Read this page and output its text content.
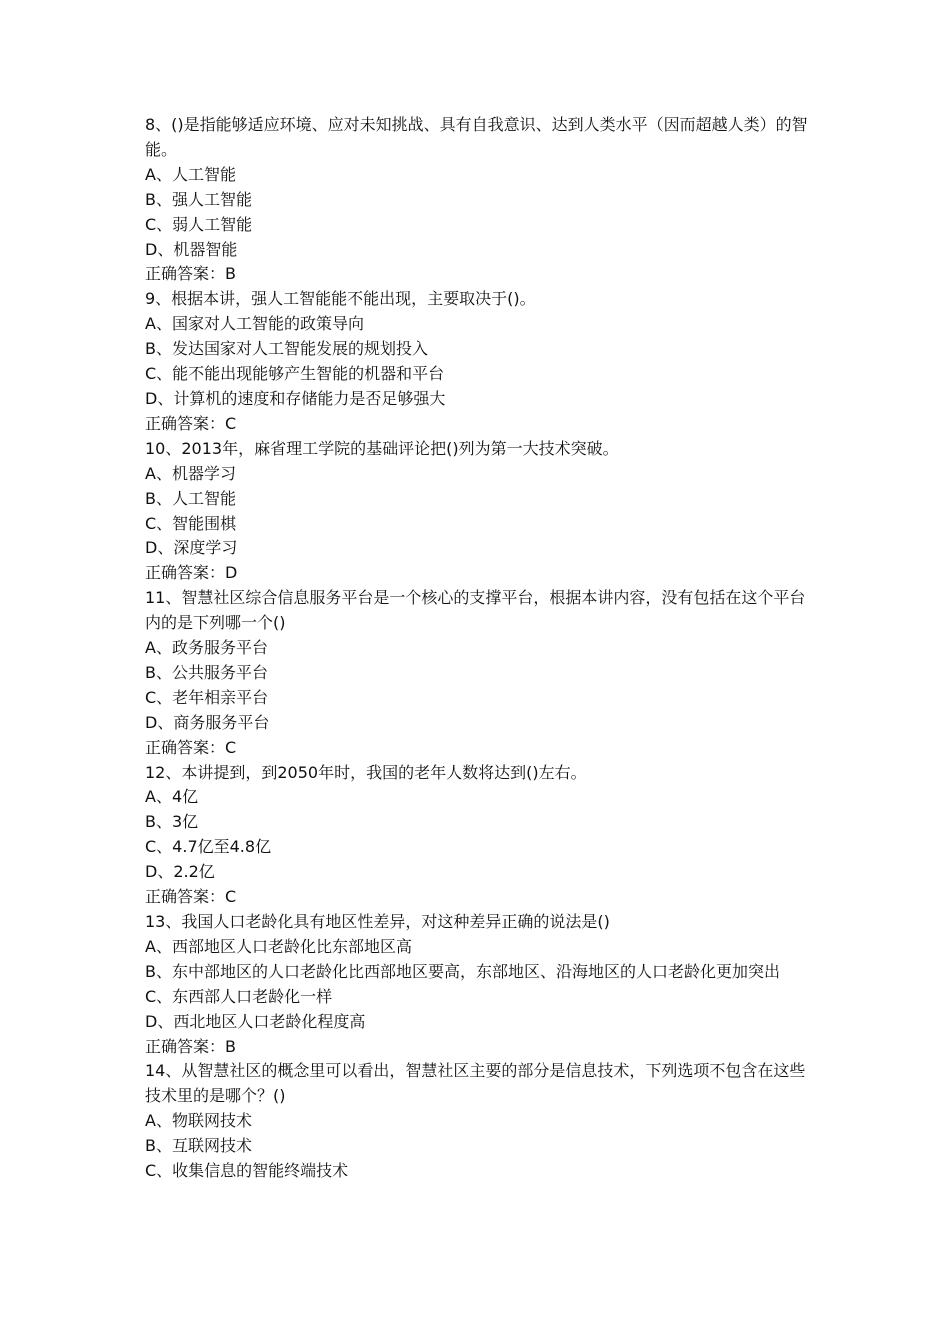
8、()是指能够适应环境、应对未知挑战、具有自我意识、达到人类水平（因而超越人类）的智能。

A、人工智能

B、强人工智能

C、弱人工智能

D、机器智能

正确答案：B

9、根据本讲，强人工智能能不能出现，主要取决于()。

A、国家对人工智能的政策导向

B、发达国家对人工智能发展的规划投入

C、能不能出现能够产生智能的机器和平台

D、计算机的速度和存储能力是否足够强大

正确答案：C

10、2013年，麻省理工学院的基础评论把()列为第一大技术突破。

A、机器学习

B、人工智能

C、智能围棋

D、深度学习

正确答案：D

11、智慧社区综合信息服务平台是一个核心的支撑平台，根据本讲内容，没有包括在这个平台内的是下列哪一个()

A、政务服务平台

B、公共服务平台

C、老年相亲平台

D、商务服务平台

正确答案：C

12、本讲提到，到2050年时，我国的老年人数将达到()左右。

A、4亿

B、3亿

C、4.7亿至4.8亿

D、2.2亿

正确答案：C

13、我国人口老龄化具有地区性差异，对这种差异正确的说法是()

A、西部地区人口老龄化比东部地区高

B、东中部地区的人口老龄化比西部地区要高，东部地区、沿海地区的人口老龄化更加突出

C、东西部人口老龄化一样

D、西北地区人口老龄化程度高

正确答案：B

14、从智慧社区的概念里可以看出，智慧社区主要的部分是信息技术，下列选项不包含在这些技术里的是哪个？()

A、物联网技术

B、互联网技术

C、收集信息的智能终端技术
